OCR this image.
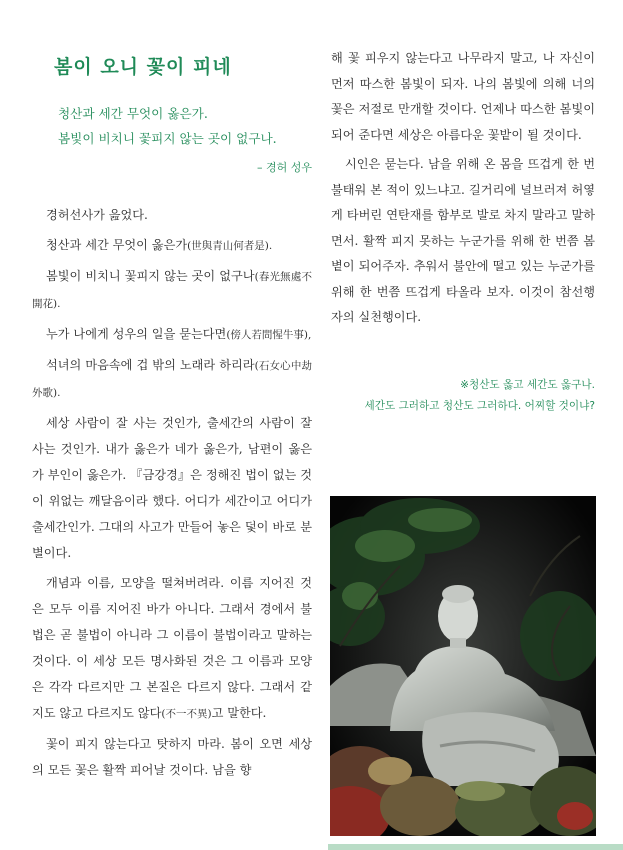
봄이 오니 꽃이 피네
청산과 세간 무엇이 옳은가.
봄빛이 비치니 꽃피지 않는 곳이 없구나.
– 경허 성우

경허선사가 읊었다.

청산과 세간 무엇이 옳은가(世與青山何者是).

봄빛이 비치니 꽃피지 않는 곳이 없구나(春光無處不開花).

누가 나에게 성우의 일을 묻는다면(傍人若問惺牛事),

석녀의 마음속에 겁 밖의 노래라 하리라(石女心中劫外歌).

세상 사람이 잘 사는 것인가, 출세간의 사람이 잘 사는 것인가. 내가 옳은가 네가 옳은가, 남편이 옳은가 부인이 옳은가. 『금강경』은 정해진 법이 없는 것이 위없는 깨달음이라 했다. 어디가 세간이고 어디가 출세간인가. 그대의 사고가 만들어 놓은 덫이 바로 분별이다.

개념과 이름, 모양을 떨쳐버려라. 이름 지어진 것은 모두 이름 지어진 바가 아니다. 그래서 경에서 불법은 곧 불법이 아니라 그 이름이 불법이라고 말하는 것이다. 이 세상 모든 명사화된 것은 그 이름과 모양은 각각 다르지만 그 본질은 다르지 않다. 그래서 같지도 않고 다르지도 않다(不一不異)고 말한다.

꽃이 피지 않는다고 탓하지 마라. 봄이 오면 세상의 모든 꽃은 활짝 피어날 것이다. 남을 향

해 꽃 피우지 않는다고 나무라지 말고, 나 자신이 먼저 따스한 봄빛이 되자. 나의 봄빛에 의해 너의 꽃은 저절로 만개할 것이다. 언제나 따스한 봄빛이 되어 준다면 세상은 아름다운 꽃밭이 될 것이다.

시인은 묻는다. 남을 위해 온 몸을 뜨겁게 한 번 불태워 본 적이 있느냐고. 길거리에 널브러져 허옇게 타버린 연탄재를 함부로 발로 차지 말라고 말하면서. 활짝 피지 못하는 누군가를 위해 한 번쯤 봄볕이 되어주자. 추워서 불안에 떨고 있는 누군가를 위해 한 번쯤 뜨겁게 타올라 보자. 이것이 참선행자의 실천행이다.

※청산도 옳고 세간도 옳구나.
세간도 그러하고 청산도 그러하다. 어찌할 것이냐?
